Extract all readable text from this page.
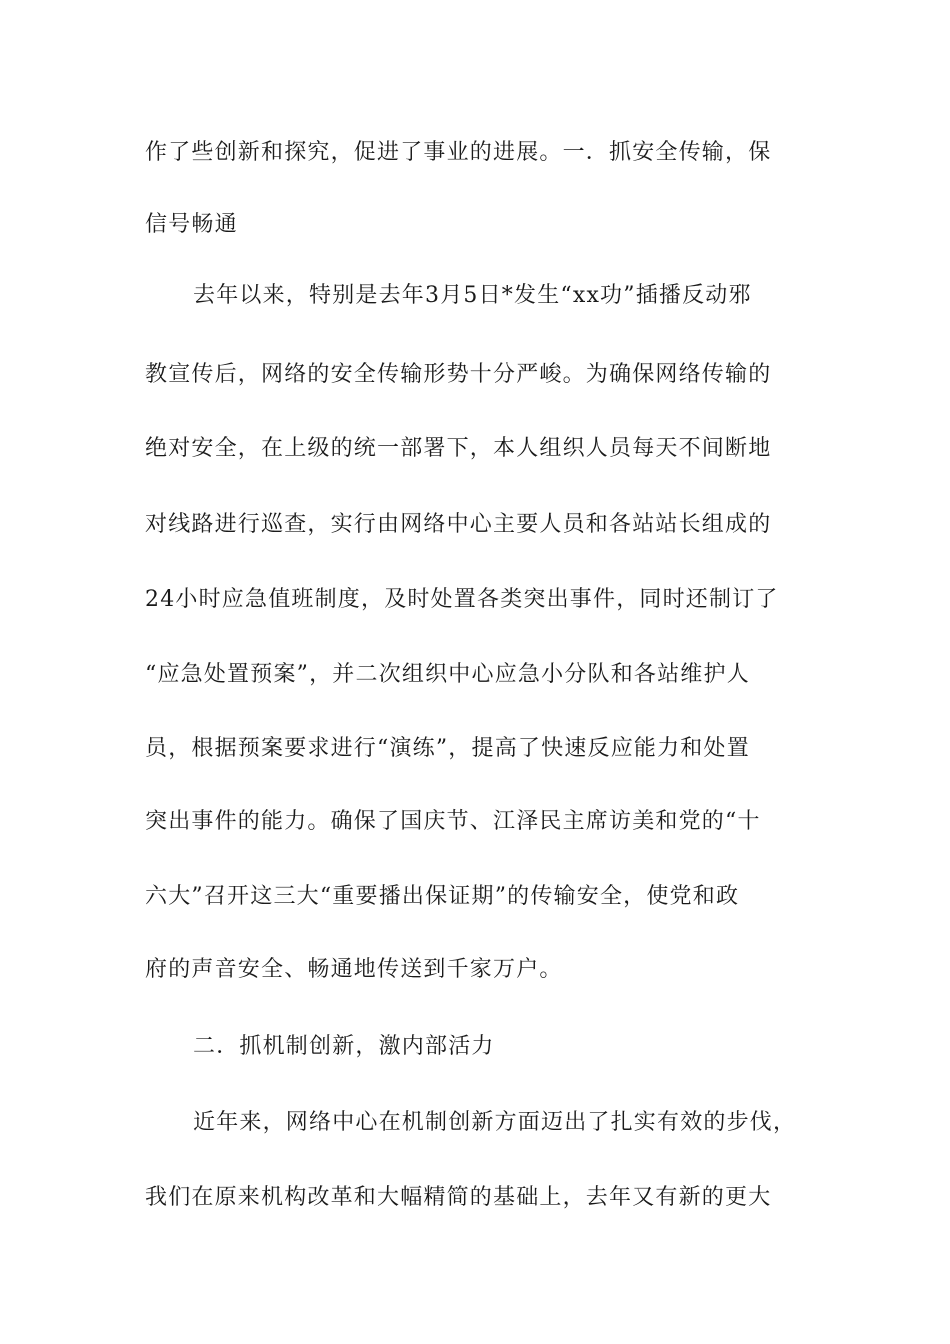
作了些创新和探究，促进了事业的进展。一．抓安全传输，保
信号畅通
去年以来，特别是去年3月5日*发生“xx功”插播反动邪
教宣传后，网络的安全传输形势十分严峻。为确保网络传输的
绝对安全，在上级的统一部署下，本人组织人员每天不间断地
对线路进行巡查，实行由网络中心主要人员和各站站长组成的
24小时应急值班制度，及时处置各类突出事件，同时还制订了
“应急处置预案”，并二次组织中心应急小分队和各站维护人
员，根据预案要求进行“演练”，提高了快速反应能力和处置
突出事件的能力。确保了国庆节、江泽民主席访美和党的“十
六大”召开这三大“重要播出保证期”的传输安全，使党和政
府的声音安全、畅通地传送到千家万户。
二．抓机制创新，激内部活力
近年来，网络中心在机制创新方面迈出了扎实有效的步伐，
我们在原来机构改革和大幅精简的基础上，去年又有新的更大
